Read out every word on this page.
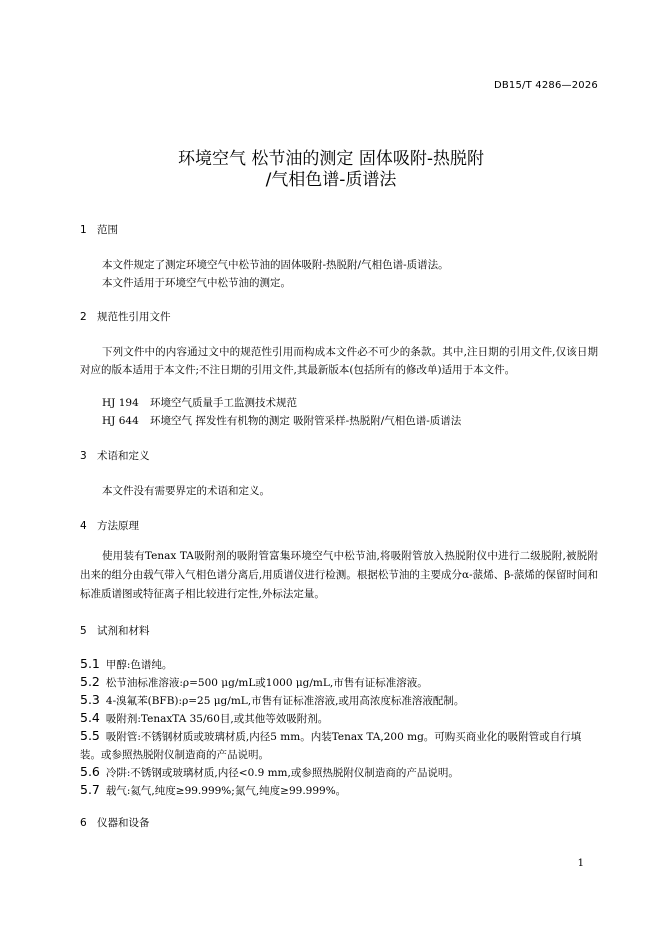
DB15/T 4286—2026
环境空气 松节油的测定 固体吸附-热脱附
/气相色谱-质谱法
1 范围
本文件规定了测定环境空气中松节油的固体吸附-热脱附/气相色谱-质谱法。
本文件适用于环境空气中松节油的测定。
2 规范性引用文件
下列文件中的内容通过文中的规范性引用而构成本文件必不可少的条款。其中,注日期的引用文件,仅该日期对应的版本适用于本文件;不注日期的引用文件,其最新版本(包括所有的修改单)适用于本文件。
HJ 194 环境空气质量手工监测技术规范
HJ 644 环境空气 挥发性有机物的测定 吸附管采样-热脱附/气相色谱-质谱法
3 术语和定义
本文件没有需要界定的术语和定义。
4 方法原理
使用装有Tenax TA吸附剂的吸附管富集环境空气中松节油,将吸附管放入热脱附仪中进行二级脱附,被脱附出来的组分由载气带入气相色谱分离后,用质谱仪进行检测。根据松节油的主要成分α-蒎烯、β-蒎烯的保留时间和标准质谱图或特征离子相比较进行定性,外标法定量。
5 试剂和材料
5.1 甲醇:色谱纯。
5.2 松节油标准溶液:ρ=500 μg/mL或1000 μg/mL,市售有证标准溶液。
5.3 4-溴氟苯(BFB):ρ=25 μg/mL,市售有证标准溶液,或用高浓度标准溶液配制。
5.4 吸附剂:TenaxTA 35/60目,或其他等效吸附剂。
5.5 吸附管:不锈钢材质或玻璃材质,内径5 mm。内装Tenax TA,200 mg。可购买商业化的吸附管或自行填装。或参照热脱附仪制造商的产品说明。
5.6 冷阱:不锈钢或玻璃材质,内径<0.9 mm,或参照热脱附仪制造商的产品说明。
5.7 载气:氦气,纯度≥99.999%;氮气,纯度≥99.999%。
6 仪器和设备
1
